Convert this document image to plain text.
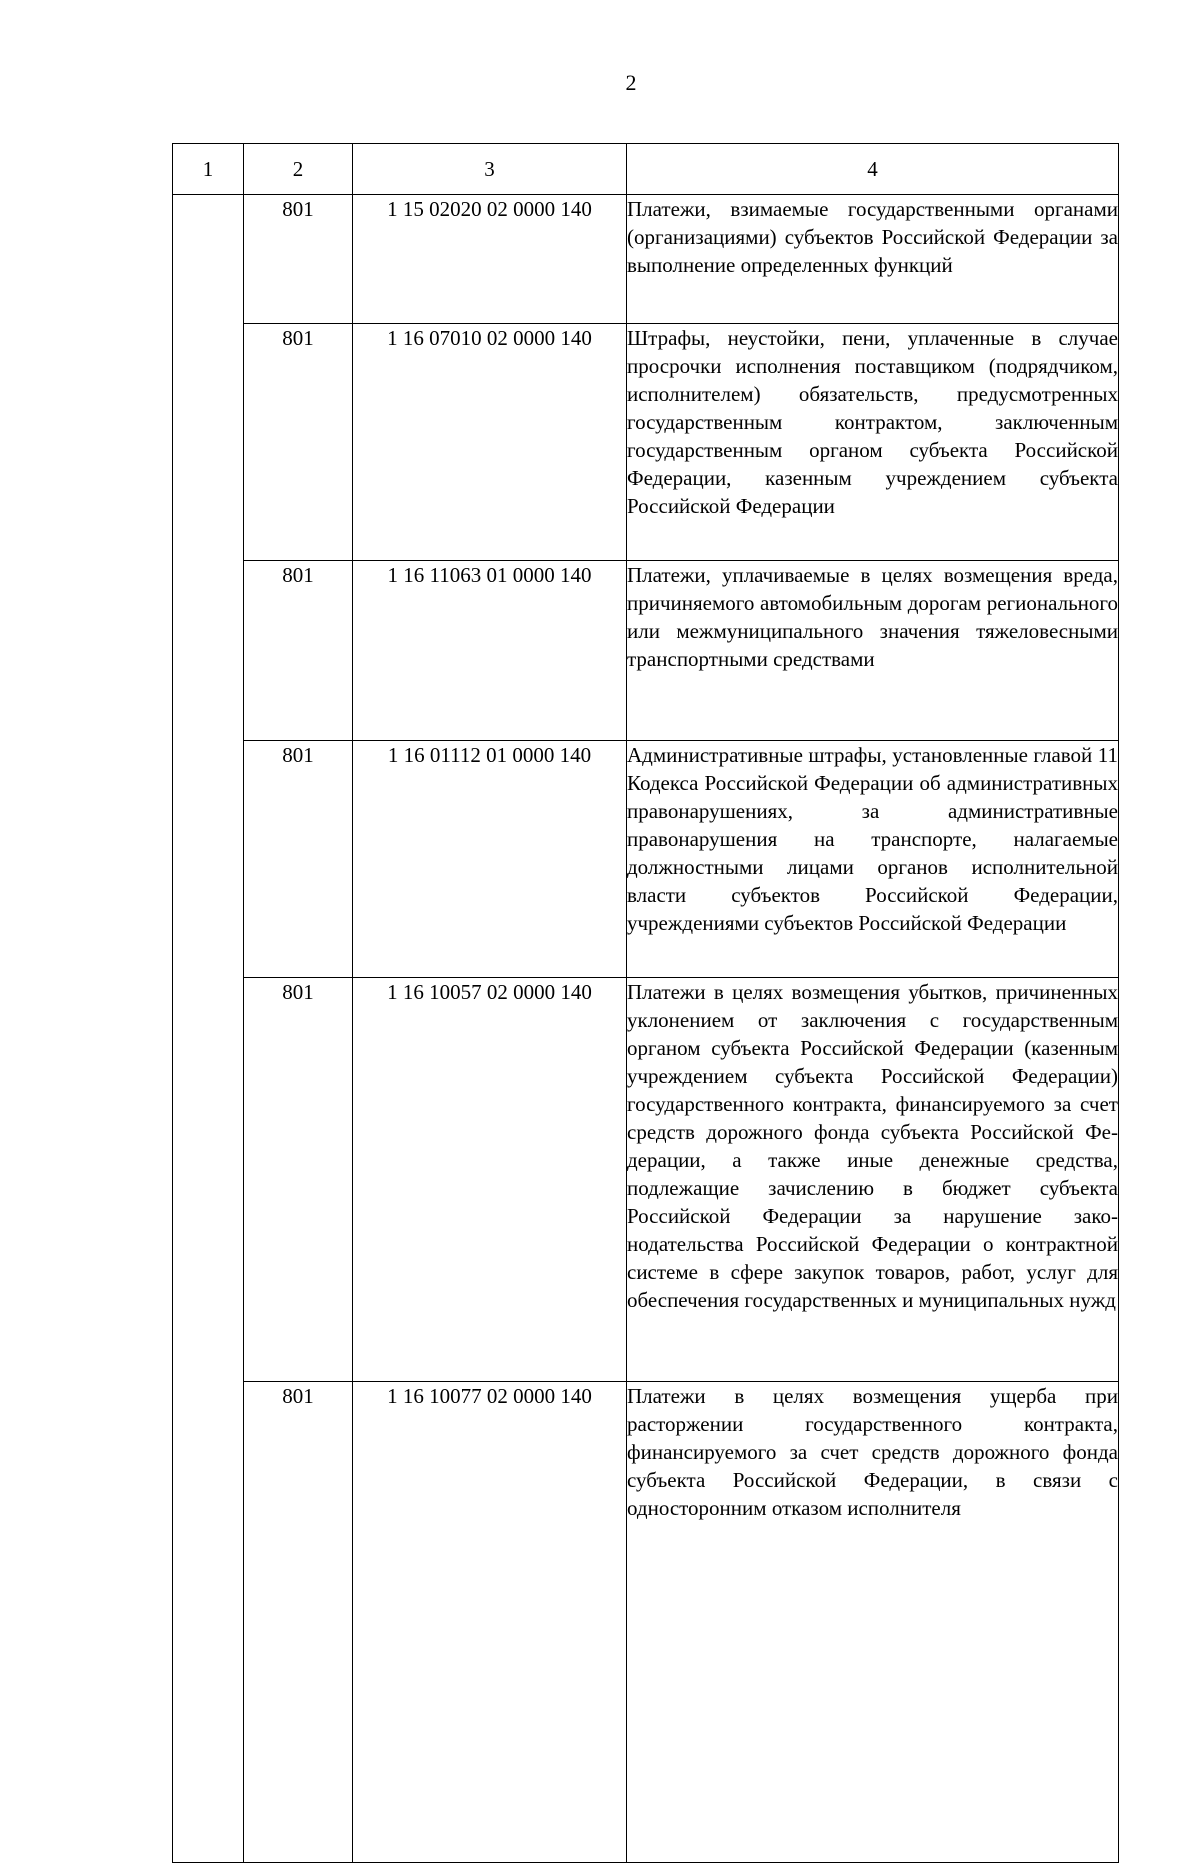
2
1	2	3	4
	801	1 15 02020 02 0000 140	Платежи, взимаемые государственными органами (организациями) субъектов Российской Федерации за выполнение определенных функций
	801	1 16 07010 02 0000 140	Штрафы, неустойки, пени, уплаченные в случае просрочки исполнения поставщиком (подрядчиком, исполнителем) обязательств, предусмотренных государственным контрактом, заключенным государственным органом субъекта Российской Федерации, казенным учреждением субъекта Российской Федерации
	801	1 16 11063 01 0000 140	Платежи, уплачиваемые в целях возмещения вреда, причиняемого автомобильным дорогам регионального или межмуниципального значения тяжеловесными транспортными средствами
	801	1 16 01112 01 0000 140	Административные штрафы, установленные главой 11 Кодекса Российской Федерации об административных правонарушениях, за административные правонарушения на транспорте, налагаемые должностными лицами органов исполнительной власти субъектов Российской Федерации, учреждениями субъектов Российской Федерации
	801	1 16 10057 02 0000 140	Платежи в целях возмещения убытков, причиненных уклонением от заключения с государственным органом субъекта Российской Федерации (казенным учреждением субъекта Российской Федерации) государственного контракта, финансируемого за счет средств дорожного фонда субъекта Российской Федерации, а также иные денежные средства, подлежащие зачислению в бюджет субъекта Российской Федерации за нарушение законодательства Российской Федерации о контрактной системе в сфере закупок товаров, работ, услуг для обеспечения государственных и муниципальных нужд
	801	1 16 10077 02 0000 140	Платежи в целях возмещения ущерба при расторжении государственного контракта, финансируемого за счет средств дорожного фонда субъекта Российской Федерации, в связи с односторонним отказом исполнителя
